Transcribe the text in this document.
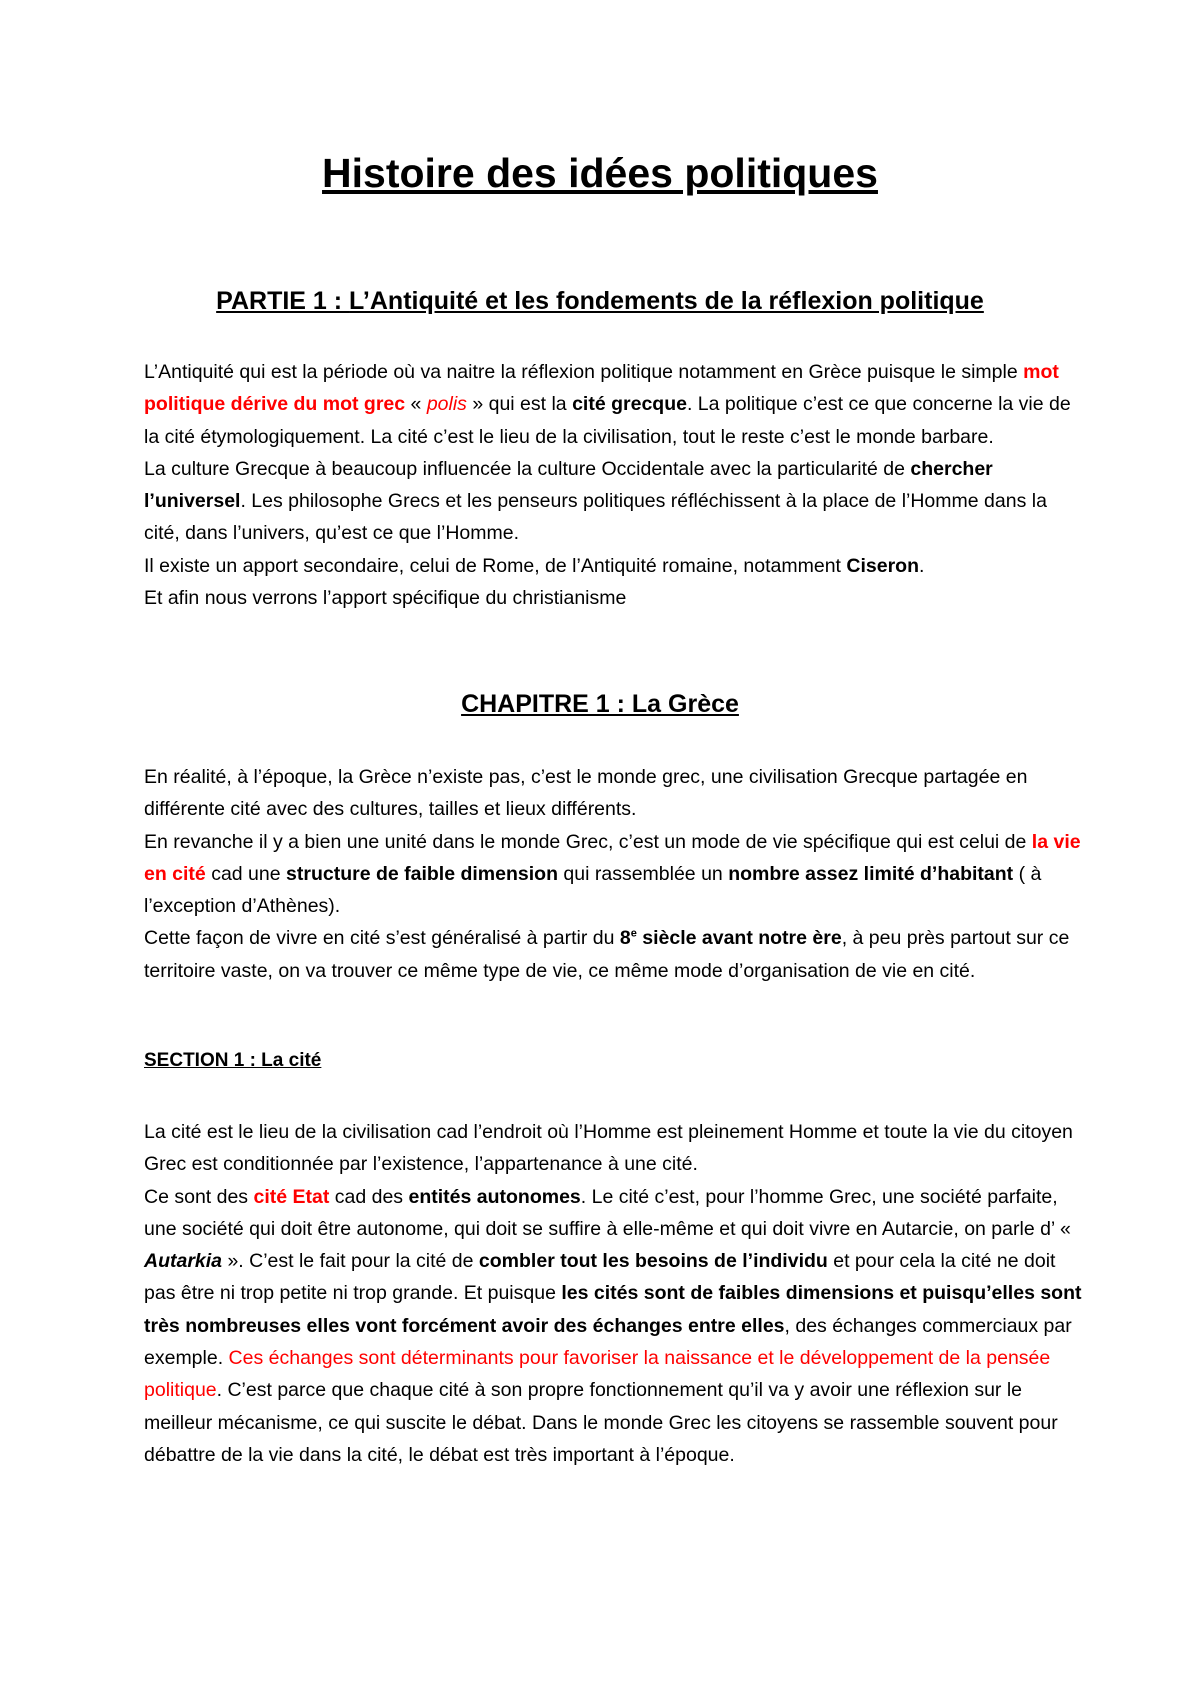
Histoire des idées politiques
PARTIE 1 : L’Antiquité et les fondements de la réflexion politique

L’Antiquité qui est la période où va naitre la réflexion politique notamment en Grèce puisque le simple mot politique dérive du mot grec « polis » qui est la cité grecque. La politique c’est ce que concerne la vie de la cité étymologiquement. La cité c’est le lieu de la civilisation, tout le reste c’est le monde barbare.
La culture Grecque à beaucoup influencée la culture Occidentale avec la particularité de chercher l’universel. Les philosophe Grecs et les penseurs politiques réfléchissent à la place de l’Homme dans la cité, dans l’univers, qu’est ce que l’Homme.
Il existe un apport secondaire, celui de Rome, de l’Antiquité romaine, notamment Ciseron.
Et afin nous verrons l’apport spécifique du christianisme

CHAPITRE 1 : La Grèce

En réalité, à l’époque, la Grèce n’existe pas, c’est le monde grec, une civilisation Grecque partagée en différente cité avec des cultures, tailles et lieux différents.
En revanche il y a bien une unité dans le monde Grec, c’est un mode de vie spécifique qui est celui de la vie en cité cad une structure de faible dimension qui rassemblée un nombre assez limité d’habitant ( à l’exception d’Athènes).
Cette façon de vivre en cité s’est généralisé à partir du 8e siècle avant notre ère, à peu près partout sur ce territoire vaste, on va trouver ce même type de vie, ce même mode d’organisation de vie en cité.

SECTION 1 : La cité

La cité est le lieu de la civilisation cad l’endroit où l’Homme est pleinement Homme et toute la vie du citoyen Grec est conditionnée par l’existence, l’appartenance à une cité.
Ce sont des cité Etat cad des entités autonomes. Le cité c’est, pour l’homme Grec, une société parfaite, une société qui doit être autonome, qui doit se suffire à elle-même et qui doit vivre en Autarcie, on parle d’ « Autarkia ». C’est le fait pour la cité de combler tout les besoins de l’individu et pour cela la cité ne doit pas être ni trop petite ni trop grande. Et puisque les cités sont de faibles dimensions et puisqu’elles sont très nombreuses elles vont forcément avoir des échanges entre elles, des échanges commerciaux par exemple. Ces échanges sont déterminants pour favoriser la naissance et le développement de la pensée politique. C’est parce que chaque cité à son propre fonctionnement qu’il va y avoir une réflexion sur le meilleur mécanisme, ce qui suscite le débat. Dans le monde Grec les citoyens se rassemble souvent pour débattre de la vie dans la cité, le débat est très important à l’époque.
